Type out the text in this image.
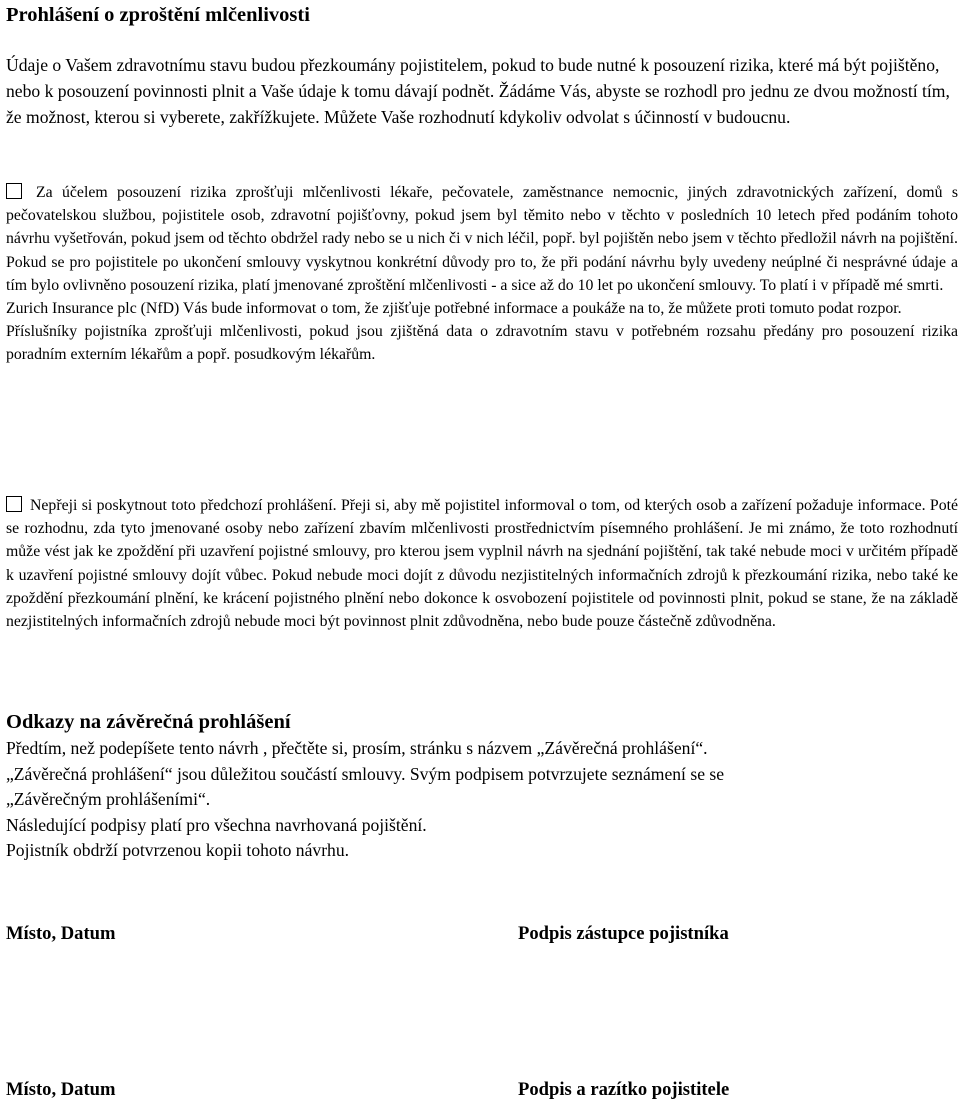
Prohlášení o zproštění mlčenlivosti

Údaje o Vašem zdravotnímu stavu budou přezkoumány pojistitelem, pokud to bude nutné k posouzení rizika, které má být pojištěno, nebo k posouzení povinnosti plnit a Vaše údaje k tomu dávají podnět. Žádáme Vás, abyste se rozhodl pro jednu ze dvou možností tím, že možnost, kterou si vyberete, zakřížkujete. Můžete Vaše rozhodnutí kdykoliv odvolat s účinností v budoucnu.

Za účelem posouzení rizika zprošťuji mlčenlivosti lékaře, pečovatele, zaměstnance nemocnic, jiných zdravotnických zařízení, domů s pečovatelskou službou, pojistitele osob, zdravotní pojišťovny, pokud jsem byl těmito nebo v těchto v posledních 10 letech před podáním tohoto návrhu vyšetřován, pokud jsem od těchto obdržel rady nebo se u nich či v nich léčil, popř. byl pojištěn nebo jsem v těchto předložil návrh na pojištění. Pokud se pro pojistitele po ukončení smlouvy vyskytnou konkrétní důvody pro to, že při podání návrhu byly uvedeny neúplné či nesprávné údaje a tím bylo ovlivněno posouzení rizika, platí jmenované zproštění mlčenlivosti - a sice až do 10 let po ukončení smlouvy. To platí i v případě mé smrti.

Zurich Insurance plc (NfD) Vás bude informovat o tom, že zjišťuje potřebné informace a poukáže na to, že můžete proti tomuto podat rozpor.

Příslušníky pojistníka zprošťuji mlčenlivosti, pokud jsou zjištěná data o zdravotním stavu v potřebném rozsahu předány pro posouzení rizika poradním externím lékařům a popř. posudkovým lékařům.

Nepřeji si poskytnout toto předchozí prohlášení. Přeji si, aby mě pojistitel informoval o tom, od kterých osob a zařízení požaduje informace. Poté se rozhodnu, zda tyto jmenované osoby nebo zařízení zbavím mlčenlivosti prostřednictvím písemného prohlášení. Je mi známo, že toto rozhodnutí může vést jak ke zpoždění při uzavření pojistné smlouvy, pro kterou jsem vyplnil návrh na sjednání pojištění, tak také nebude moci v určitém případě k uzavření pojistné smlouvy dojít vůbec. Pokud nebude moci dojít z důvodu nezjistitelných informačních zdrojů k přezkoumání rizika, nebo také ke zpoždění přezkoumání plnění, ke krácení pojistného plnění nebo dokonce k osvobození pojistitele od povinnosti plnit, pokud se stane, že na základě nezjistitelných informačních zdrojů nebude moci být povinnost plnit zdůvodněna, nebo bude pouze částečně zdůvodněna.

Odkazy na závěrečná prohlášení
Předtím, než podepíšete tento návrh , přečtěte si, prosím, stránku s názvem „Závěrečná prohlášení“.
„Závěrečná prohlášení“ jsou důležitou součástí smlouvy. Svým podpisem potvrzujete seznámení se se
„Závěrečným prohlášeními“.
Následující podpisy platí pro všechna navrhovaná pojištění.
Pojistník obdrží potvrzenou kopii tohoto návrhu.
Místo, Datum	Podpis zástupce pojistníka
Místo, Datum	Podpis a razítko pojistitele
